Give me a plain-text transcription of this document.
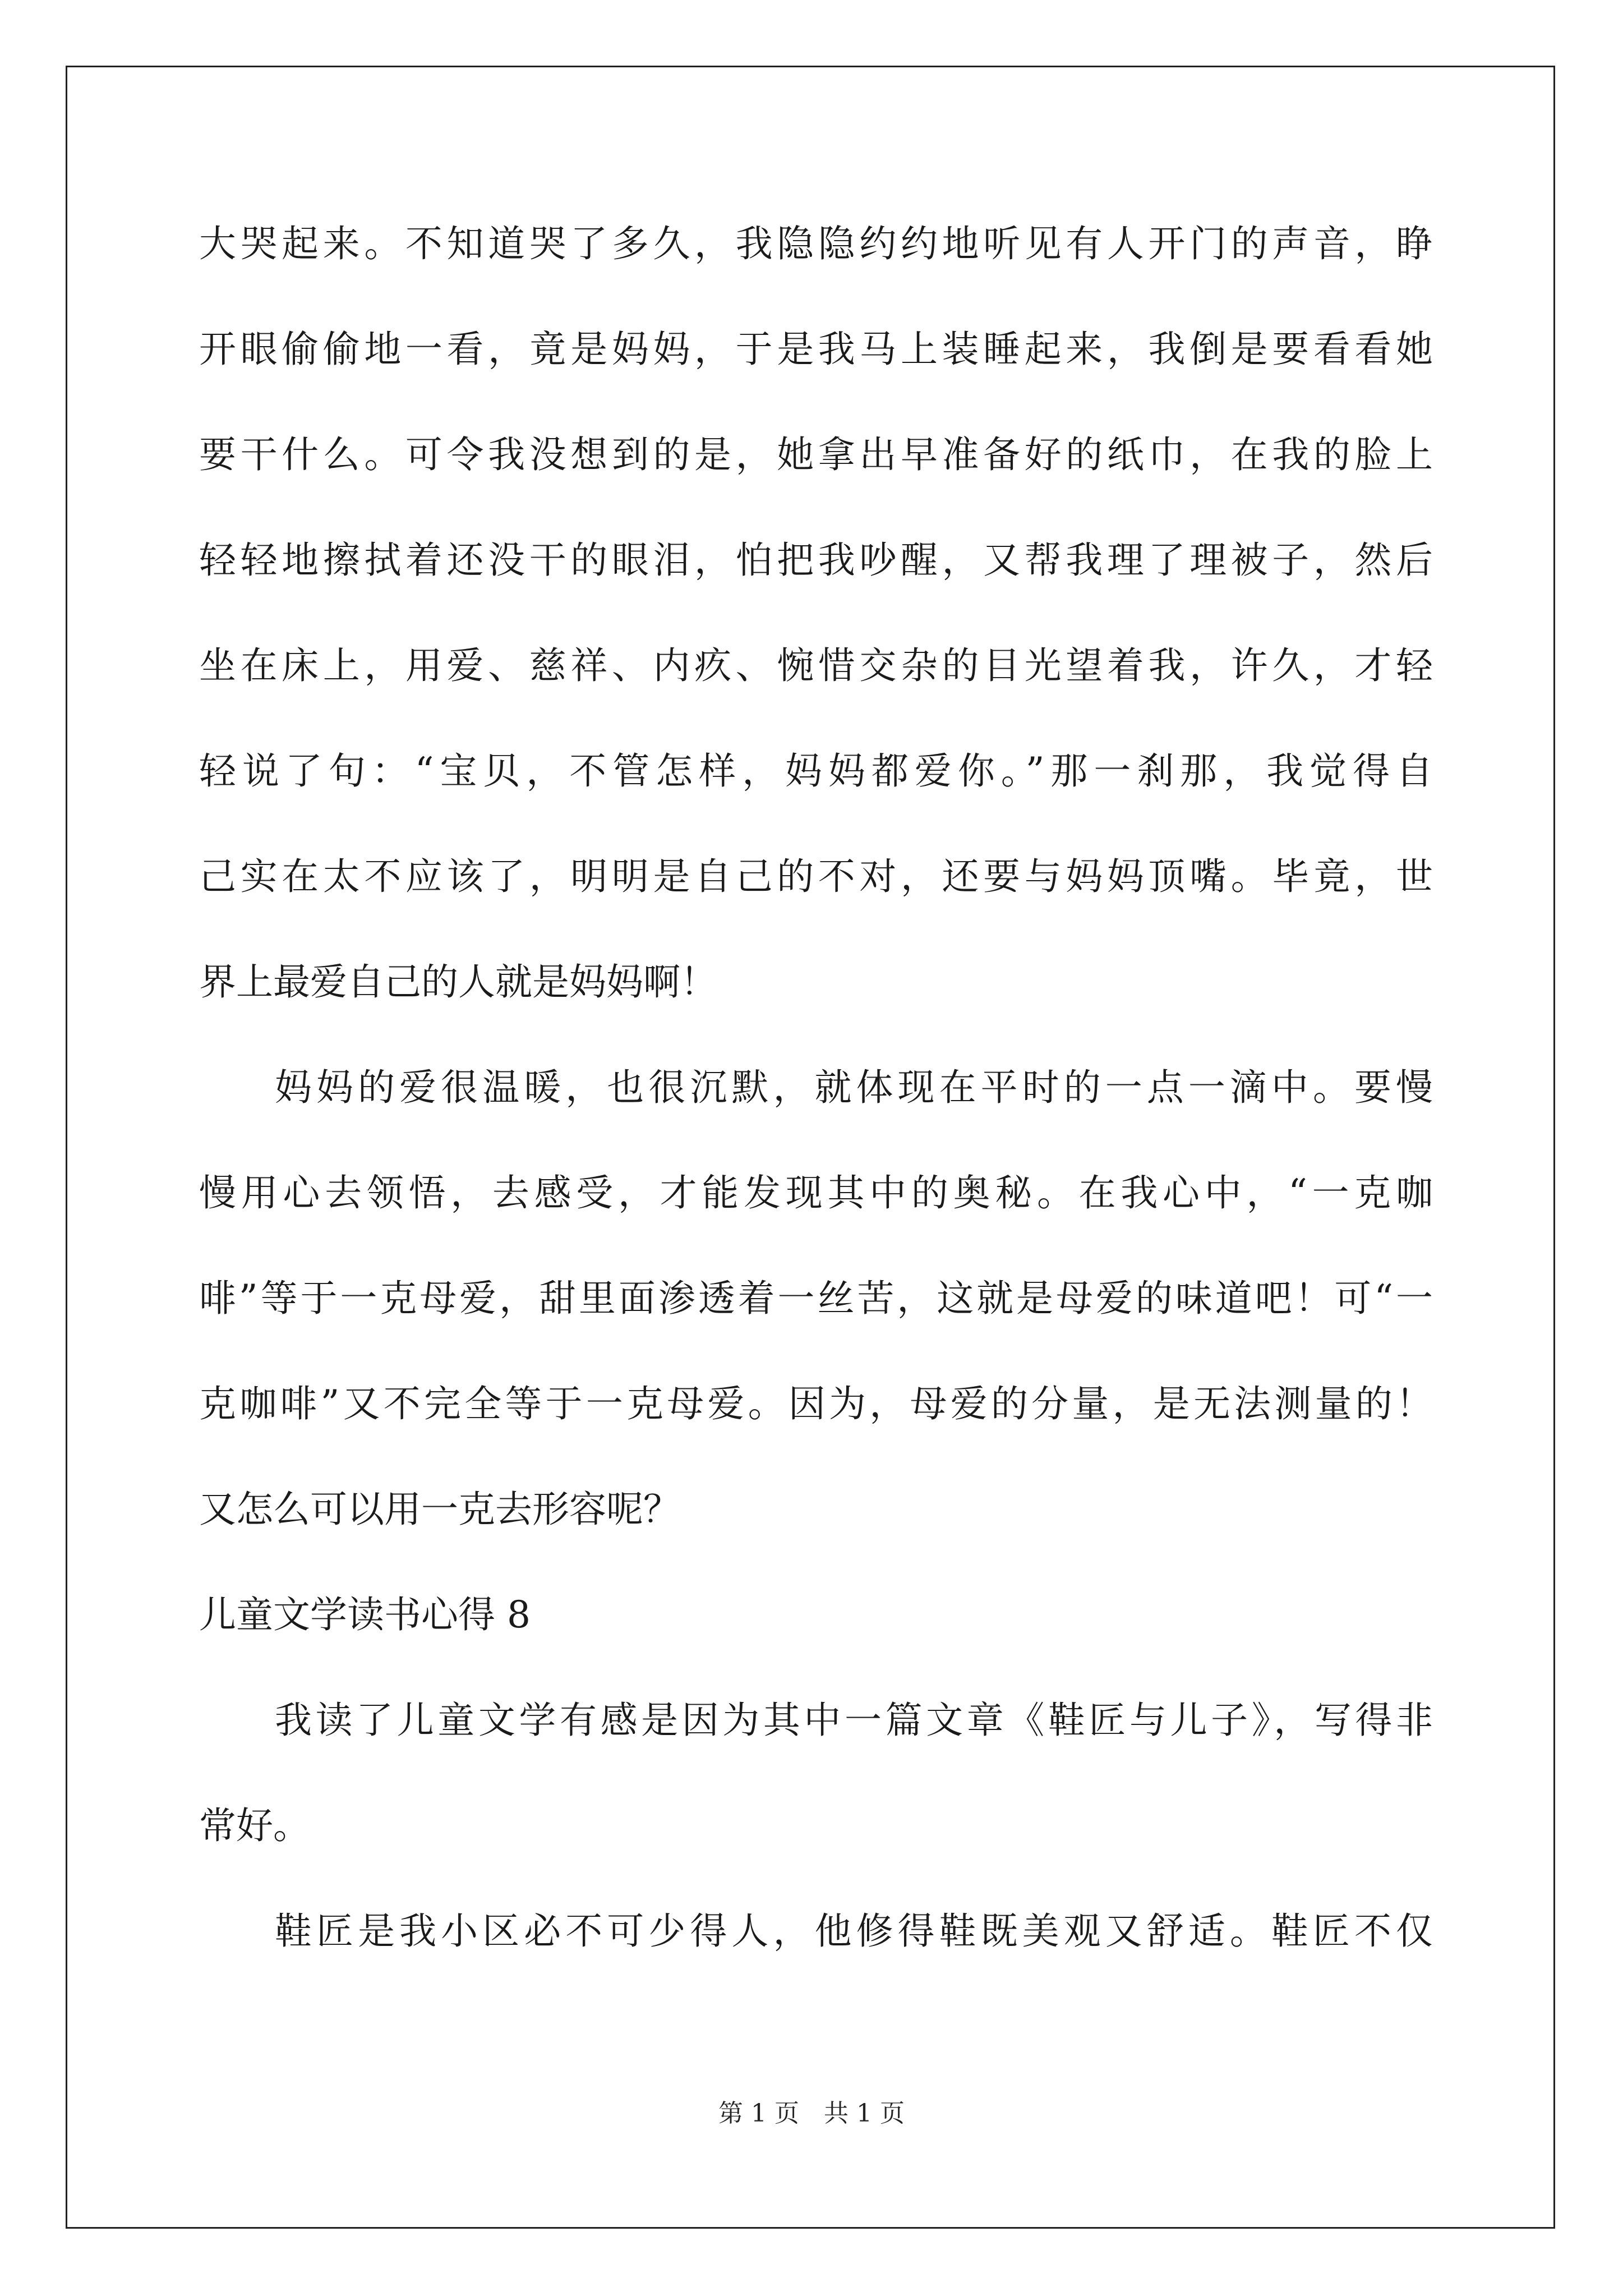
大哭起来。不知道哭了多久，我隐隐约约地听见有人开门的声音，睁
开眼偷偷地一看，竟是妈妈，于是我马上装睡起来，我倒是要看看她
要干什么。可令我没想到的是，她拿出早准备好的纸巾，在我的脸上
轻轻地擦拭着还没干的眼泪，怕把我吵醒，又帮我理了理被子，然后
坐在床上，用爱、慈祥、内疚、惋惜交杂的目光望着我，许久，才轻
轻说了句：“宝贝，不管怎样，妈妈都爱你。”那一刹那，我觉得自
己实在太不应该了，明明是自己的不对，还要与妈妈顶嘴。毕竟，世
界上最爱自己的人就是妈妈啊！
妈妈的爱很温暖，也很沉默，就体现在平时的一点一滴中。要慢
慢用心去领悟，去感受，才能发现其中的奥秘。在我心中，“一克咖
啡”等于一克母爱，甜里面渗透着一丝苦，这就是母爱的味道吧！可“一
克咖啡”又不完全等于一克母爱。因为，母爱的分量，是无法测量的！
又怎么可以用一克去形容呢？
儿童文学读书心得 8
我读了儿童文学有感是因为其中一篇文章《鞋匠与儿子》，写得非
常好。
鞋匠是我小区必不可少得人，他修得鞋既美观又舒适。鞋匠不仅
第 1 页　共 1 页
